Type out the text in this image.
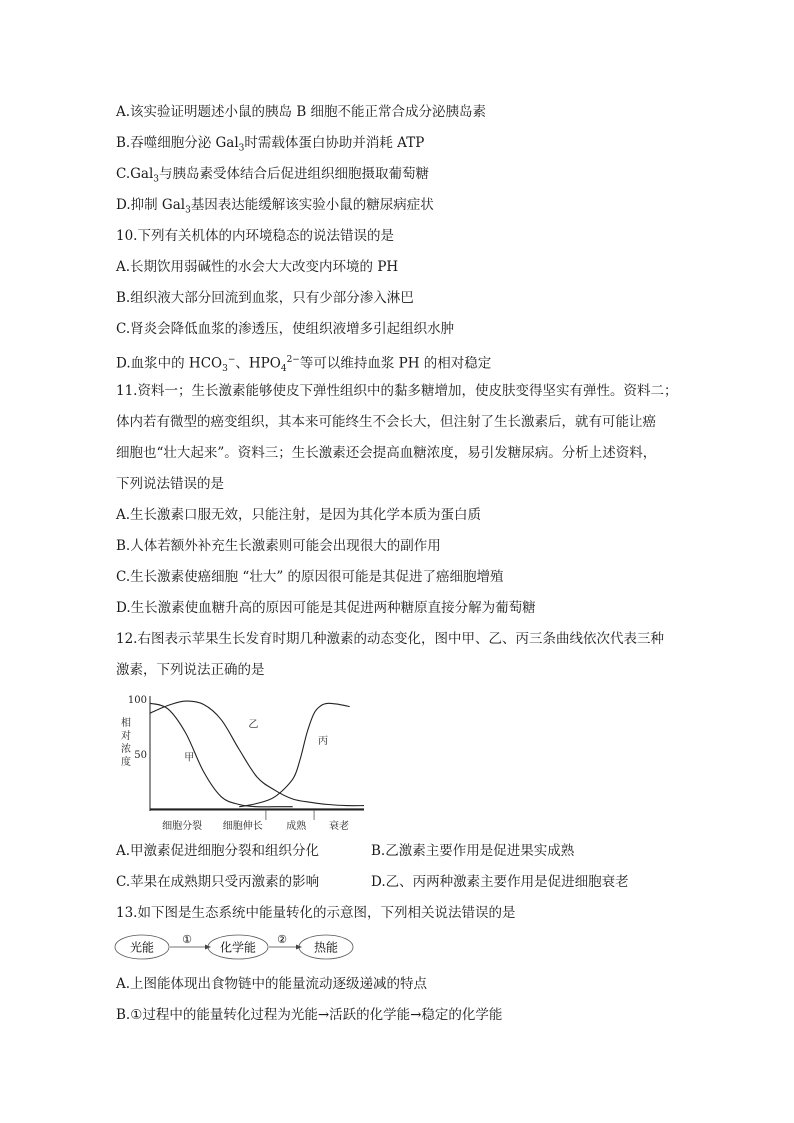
A.该实验证明题述小鼠的胰岛 B 细胞不能正常合成分泌胰岛素
B.吞噬细胞分泌 Gal$_3$时需载体蛋白协助并消耗 ATP
C.Gal$_3$与胰岛素受体结合后促进组织细胞摄取葡萄糖
D.抑制 Gal$_3$基因表达能缓解该实验小鼠的糖尿病症状
10.下列有关机体的内环境稳态的说法错误的是
A.长期饮用弱碱性的水会大大改变内环境的 PH
B.组织液大部分回流到血浆，只有少部分渗入淋巴
C.肾炎会降低血浆的渗透压，使组织液增多引起组织水肿
D.血浆中的 $HCO_3^-$、$HPO_4^{2-}$等可以维持血浆 PH 的相对稳定
11.资料一；生长激素能够使皮下弹性组织中的黏多糖增加，使皮肤变得坚实有弹性。资料二；
体内若有微型的癌变组织，其本来可能终生不会长大，但注射了生长激素后，就有可能让癌
细胞也“壮大起来”。资料三；生长激素还会提高血糖浓度，易引发糖尿病。分析上述资料，
下列说法错误的是
A.生长激素口服无效，只能注射，是因为其化学本质为蛋白质
B.人体若额外补充生长激素则可能会出现很大的副作用
C.生长激素使癌细胞 “壮大” 的原因很可能是其促进了癌细胞增殖
D.生长激素使血糖升高的原因可能是其促进两种糖原直接分解为葡萄糖
12.右图表示苹果生长发育时期几种激素的动态变化，图中甲、乙、丙三条曲线依次代表三种
激素，下列说法正确的是
100
50
相
对
浓
度
细胞分裂 细胞伸长 成熟 衰老
甲
乙
丙
A.甲激素促进细胞分裂和组织分化	B.乙激素主要作用是促进果实成熟
C.苹果在成熟期只受丙激素的影响	D.乙、丙两种激素主要作用是促进细胞衰老
13.如下图是生态系统中能量转化的示意图，下列相关说法错误的是
光能
①
化学能
②
热能
A.上图能体现出食物链中的能量流动逐级递减的特点
B.①过程中的能量转化过程为光能→活跃的化学能→稳定的化学能
